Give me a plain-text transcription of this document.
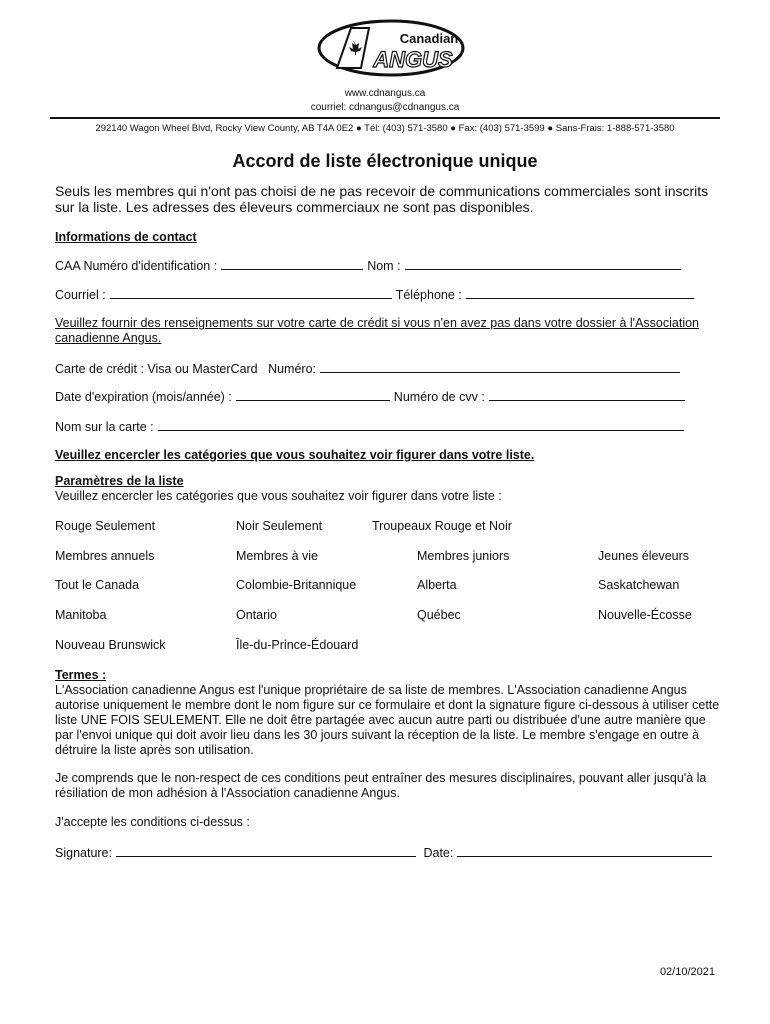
Canadian
ANGUS
www.cdnangus.ca
courriel: cdnangus@cdnangus.ca
292140 Wagon Wheel Blvd, Rocky View County, AB T4A 0E2 ● Tél: (403) 571-3580 ● Fax: (403) 571-3599 ● Sans-Frais: 1-888-571-3580
Accord de liste électronique unique
Seuls les membres qui n'ont pas choisi de ne pas recevoir de communications commerciales sont inscrits sur la liste. Les adresses des éleveurs commerciaux ne sont pas disponibles.
Informations de contact
CAA Numéro d'identification :	Nom :
Courriel :	Téléphone :
Veuillez fournir des renseignements sur votre carte de crédit si vous n'en avez pas dans votre dossier à l'Association canadienne Angus.
Carte de crédit : Visa ou MasterCard Numéro:
Date d'expiration (mois/année) :	Numéro de cvv :
Nom sur la carte :
Veuillez encercler les catégories que vous souhaitez voir figurer dans votre liste.
Paramètres de la liste
Veuillez encercler les catégories que vous souhaitez voir figurer dans votre liste :
Rouge Seulement	Noir Seulement	Troupeaux Rouge et Noir
Membres annuels	Membres à vie	Membres juniors	Jeunes éleveurs
Tout le Canada	Colombie-Britannique	Alberta	Saskatchewan
Manitoba	Ontario	Québec	Nouvelle-Écosse
Nouveau Brunswick	Île-du-Prince-Édouard
Termes :
L'Association canadienne Angus est l'unique propriétaire de sa liste de membres. L'Association canadienne Angus autorise uniquement le membre dont le nom figure sur ce formulaire et dont la signature figure ci-dessous à utiliser cette liste UNE FOIS SEULEMENT. Elle ne doit être partagée avec aucun autre parti ou distribuée d'une autre manière que par l'envoi unique qui doit avoir lieu dans les 30 jours suivant la réception de la liste. Le membre s'engage en outre à détruire la liste après son utilisation.
Je comprends que le non-respect de ces conditions peut entraîner des mesures disciplinaires, pouvant aller jusqu'à la résiliation de mon adhésion à l'Association canadienne Angus.
J'accepte les conditions ci-dessus :
Signature:	Date:
02/10/2021
